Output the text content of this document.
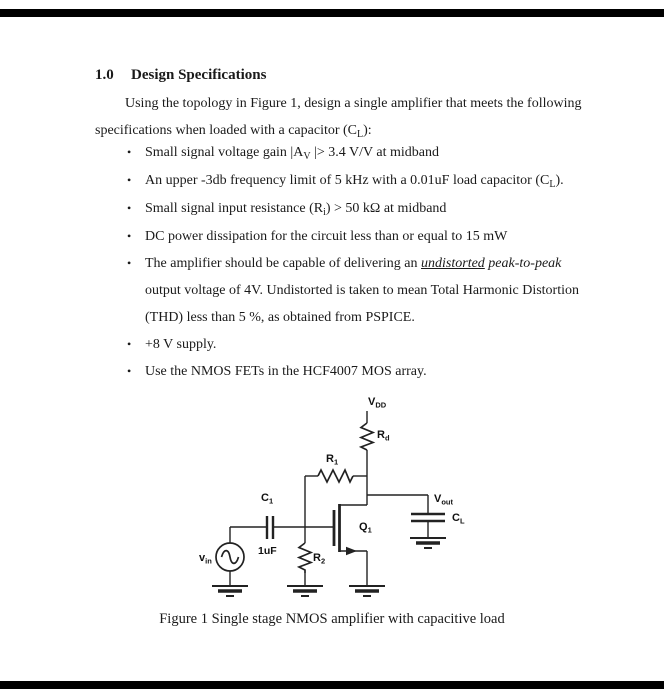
1.0 Design Specifications
Using the topology in Figure 1, design a single amplifier that meets the following
specifications when loaded with a capacitor $(C_L)$:
• Small signal voltage gain $|A_V$ |> 3.4 V/V at midband
• An upper -3db frequency limit of 5 kHz with a 0.01uF load capacitor $(C_L)$.
• Small signal input resistance $(R_i) > 50$ kΩ at midband
• DC power dissipation for the circuit less than or equal to 15 mW
• The amplifier should be capable of delivering an undistorted peak-to-peak
output voltage of 4V. Undistorted is taken to mean Total Harmonic Distortion
(THD) less than 5 %, as obtained from PSPICE.
• +8 V supply.
• Use the NMOS FETs in the HCF4007 MOS array.
$V_{DD}$
$R_d$
$R_1$
$V_{out}$
$C_L$
$Q_1$
$C_1$
1uF
$R_2$
$v_{in}$
Figure 1 Single stage NMOS amplifier with capacitive load
